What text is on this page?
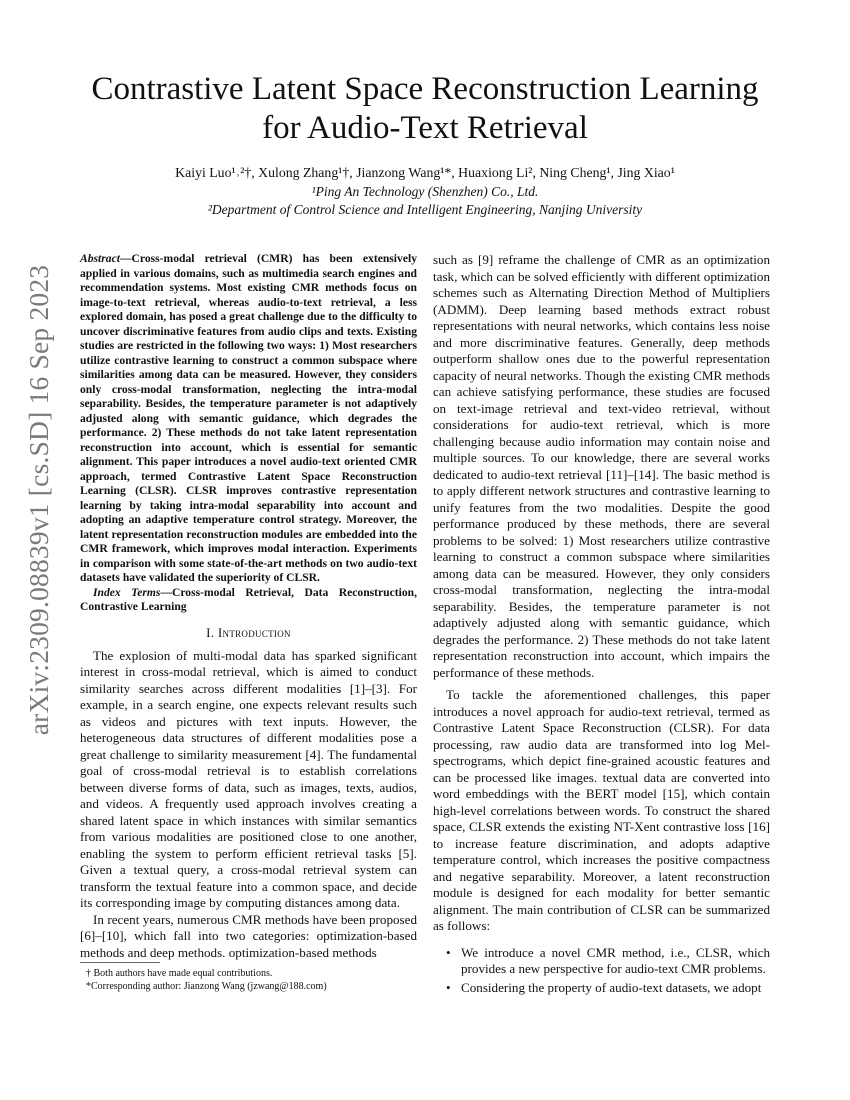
arXiv:2309.08839v1 [cs.SD] 16 Sep 2023
Contrastive Latent Space Reconstruction Learning
for Audio-Text Retrieval
Kaiyi Luo¹˒²†, Xulong Zhang¹†, Jianzong Wang¹*, Huaxiong Li², Ning Cheng¹, Jing Xiao¹
¹Ping An Technology (Shenzhen) Co., Ltd.
²Department of Control Science and Intelligent Engineering, Nanjing University

Abstract—Cross-modal retrieval (CMR) has been extensively applied in various domains, such as multimedia search engines and recommendation systems. Most existing CMR methods focus on image-to-text retrieval, whereas audio-to-text retrieval, a less explored domain, has posed a great challenge due to the difficulty to uncover discriminative features from audio clips and texts. Existing studies are restricted in the following two ways: 1) Most researchers utilize contrastive learning to construct a common subspace where similarities among data can be measured. However, they considers only cross-modal transformation, neglecting the intra-modal separability. Besides, the temperature parameter is not adaptively adjusted along with semantic guidance, which degrades the performance. 2) These methods do not take latent representation reconstruction into account, which is essential for semantic alignment. This paper introduces a novel audio-text oriented CMR approach, termed Contrastive Latent Space Reconstruction Learning (CLSR). CLSR improves contrastive representation learning by taking intra-modal separability into account and adopting an adaptive temperature control strategy. Moreover, the latent representation reconstruction modules are embedded into the CMR framework, which improves modal interaction. Experiments in comparison with some state-of-the-art methods on two audio-text datasets have validated the superiority of CLSR.

Index Terms—Cross-modal Retrieval, Data Reconstruction, Contrastive Learning

I. Introduction

The explosion of multi-modal data has sparked significant interest in cross-modal retrieval, which is aimed to conduct similarity searches across different modalities [1]–[3]. For example, in a search engine, one expects relevant results such as videos and pictures with text inputs. However, the heterogeneous data structures of different modalities pose a great challenge to similarity measurement [4]. The fundamental goal of cross-modal retrieval is to establish correlations between diverse forms of data, such as images, texts, audios, and videos. A frequently used approach involves creating a shared latent space in which instances with similar semantics from various modalities are positioned close to one another, enabling the system to perform efficient retrieval tasks [5]. Given a textual query, a cross-modal retrieval system can transform the textual feature into a common space, and decide its corresponding image by computing distances among data.

In recent years, numerous CMR methods have been proposed [6]–[10], which fall into two categories: optimization-based methods and deep methods. optimization-based methods

† Both authors have made equal contributions.
*Corresponding author: Jianzong Wang (jzwang@188.com)

such as [9] reframe the challenge of CMR as an optimization task, which can be solved efficiently with different optimization schemes such as Alternating Direction Method of Multipliers (ADMM). Deep learning based methods extract robust representations with neural networks, which contains less noise and more discriminative features. Generally, deep methods outperform shallow ones due to the powerful representation capacity of neural networks. Though the existing CMR methods can achieve satisfying performance, these studies are focused on text-image retrieval and text-video retrieval, without considerations for audio-text retrieval, which is more challenging because audio information may contain noise and multiple sources. To our knowledge, there are several works dedicated to audio-text retrieval [11]–[14]. The basic method is to apply different network structures and contrastive learning to unify features from the two modalities. Despite the good performance produced by these methods, there are several problems to be solved: 1) Most researchers utilize contrastive learning to construct a common subspace where similarities among data can be measured. However, they only considers cross-modal transformation, neglecting the intra-modal separability. Besides, the temperature parameter is not adaptively adjusted along with semantic guidance, which degrades the performance. 2) These methods do not take latent representation reconstruction into account, which impairs the performance of these methods.

To tackle the aforementioned challenges, this paper introduces a novel approach for audio-text retrieval, termed as Contrastive Latent Space Reconstruction (CLSR). For data processing, raw audio data are transformed into log Mel-spectrograms, which depict fine-grained acoustic features and can be processed like images. textual data are converted into word embeddings with the BERT model [15], which contain high-level correlations between words. To construct the shared space, CLSR extends the existing NT-Xent contrastive loss [16] to increase feature discrimination, and adopts adaptive temperature control, which increases the positive compactness and negative separability. Moreover, a latent reconstruction module is designed for each modality for better semantic alignment. The main contribution of CLSR can be summarized as follows:

• We introduce a novel CMR method, i.e., CLSR, which provides a new perspective for audio-text CMR problems.
• Considering the property of audio-text datasets, we adopt
